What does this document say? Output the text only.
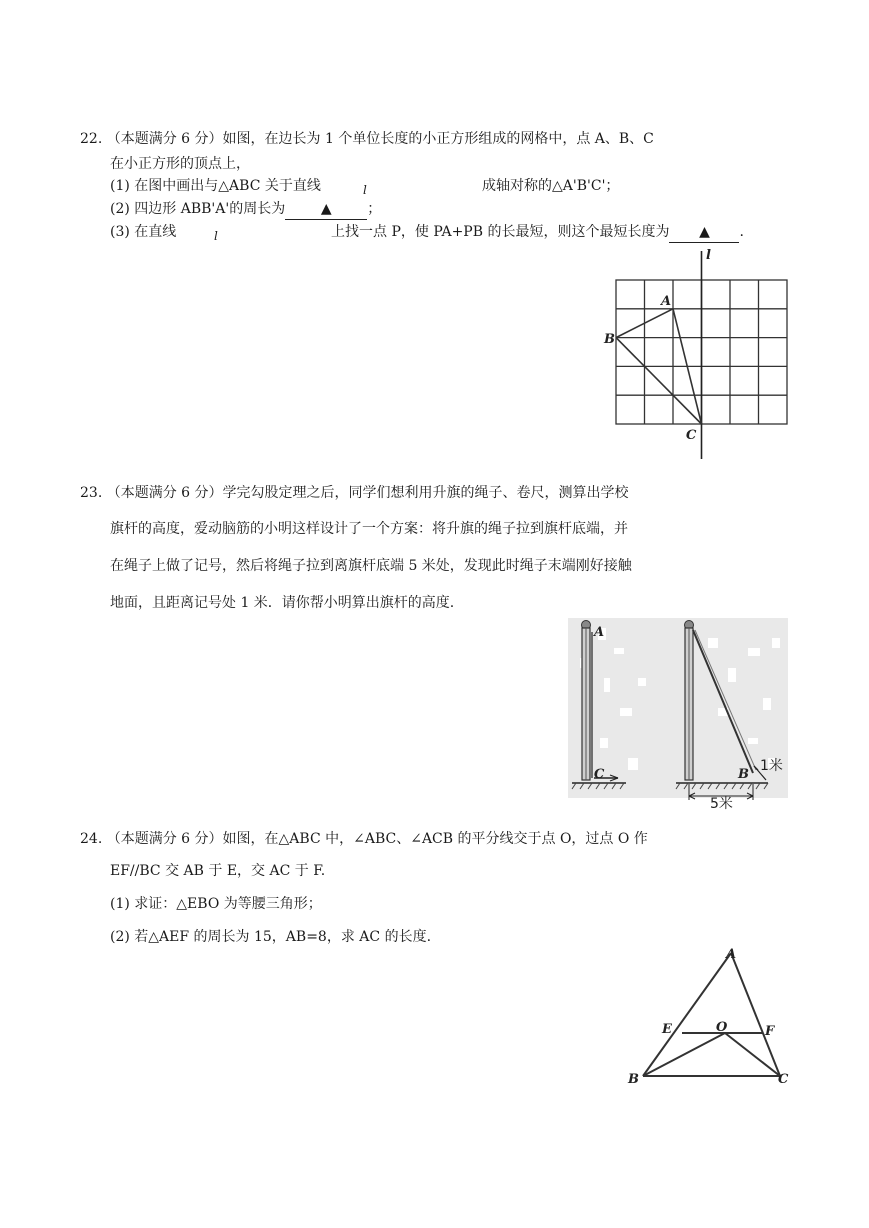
22. （本题满分 6 分）如图，在边长为 1 个单位长度的小正方形组成的网格中，点 A、B、C
在小正方形的顶点上，
(1) 在图中画出与△ABC 关于直线	l	成轴对称的△A'B'C'；
(2) 四边形 ABB'A'的周长为	▲	；
(3) 在直线	l	上找一点 P，使 PA+PB 的长最短，则这个最短长度为 ▲ .
l
A
B
C
23. （本题满分 6 分）学完勾股定理之后，同学们想利用升旗的绳子、卷尺，测算出学校
旗杆的高度，爱动脑筋的小明这样设计了一个方案：将升旗的绳子拉到旗杆底端，并
在绳子上做了记号，然后将绳子拉到离旗杆底端 5 米处，发现此时绳子末端刚好接触
地面，且距离记号处 1 米．请你帮小明算出旗杆的高度.
A
C
1米
B
5米
24. （本题满分 6 分）如图，在△ABC 中，∠ABC、∠ACB 的平分线交于点 O，过点 O 作
EF//BC 交 AB 于 E，交 AC 于 F.
(1) 求证：△EBO 为等腰三角形；
(2) 若△AEF 的周长为 15，AB=8，求 AC 的长度.
A
B	C
E	O	F
